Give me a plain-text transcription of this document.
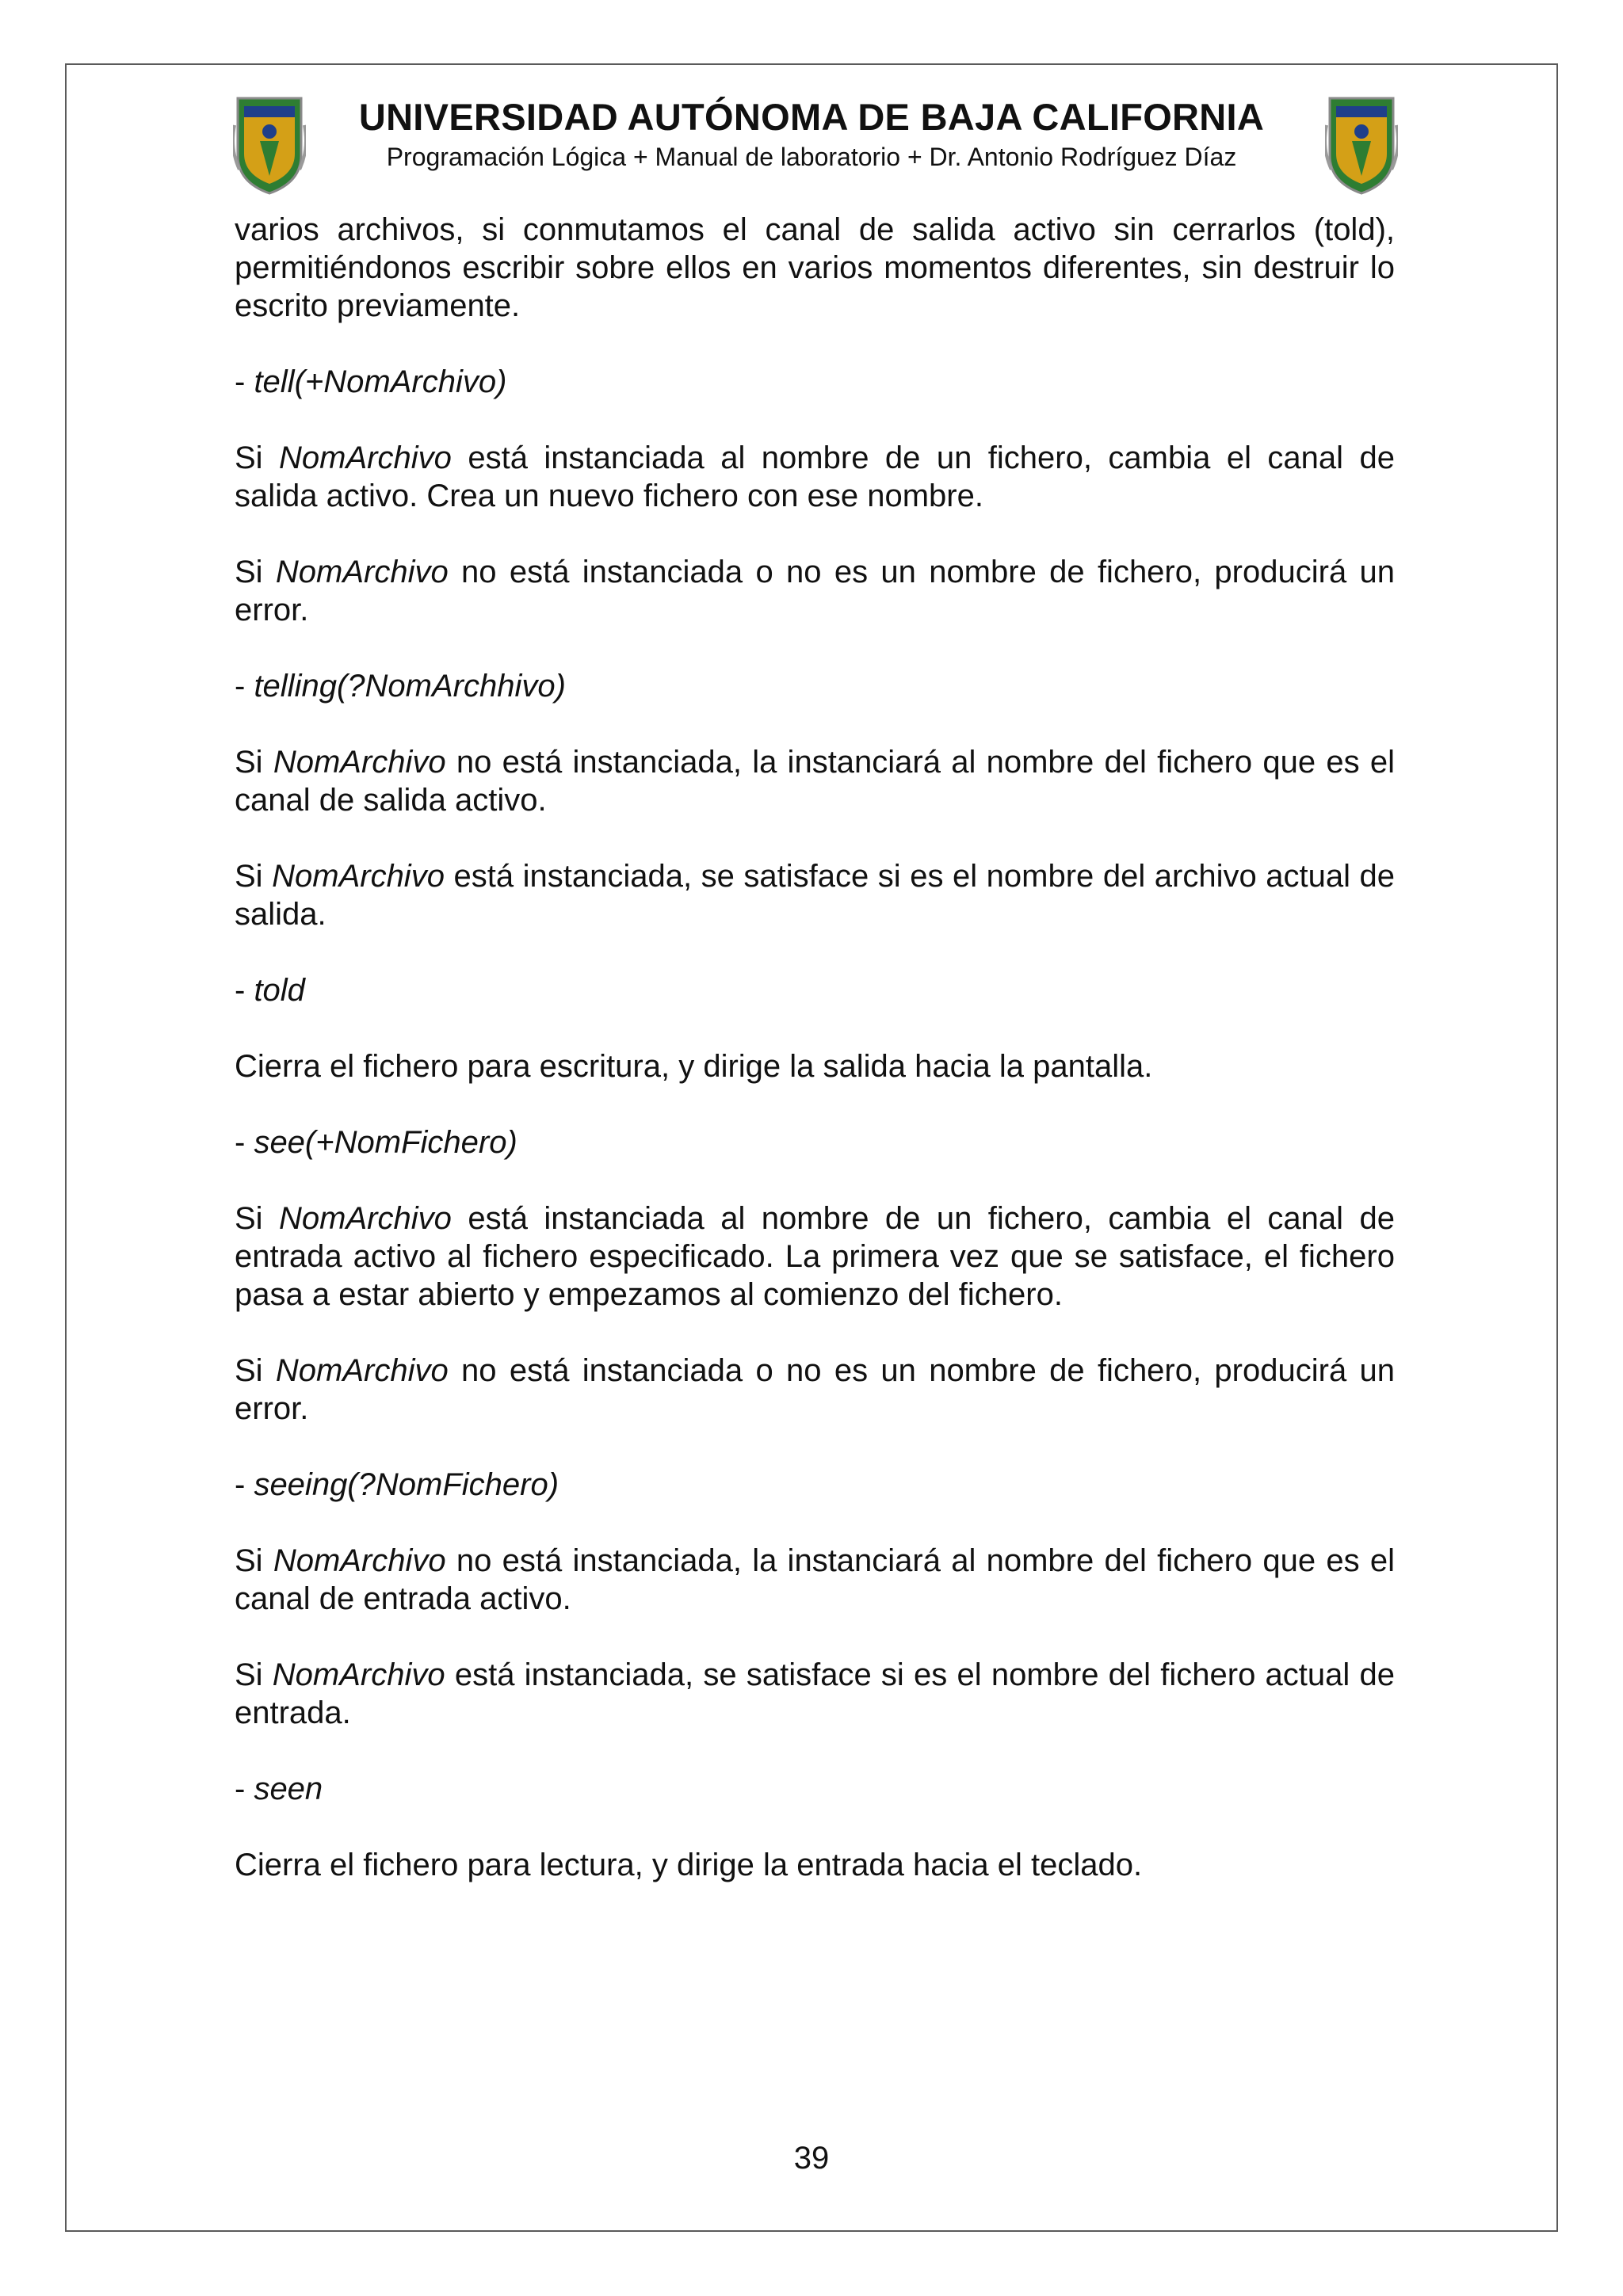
UNIVERSIDAD AUTÓNOMA DE BAJA CALIFORNIA
Programación Lógica + Manual de laboratorio + Dr. Antonio Rodríguez Díaz

varios archivos, si conmutamos el canal de salida activo sin cerrarlos (told), permitiéndonos escribir sobre ellos en varios momentos diferentes, sin destruir lo escrito previamente.

- tell(+NomArchivo)

Si NomArchivo está instanciada al nombre de un fichero, cambia el canal de salida activo. Crea un nuevo fichero con ese nombre.

Si NomArchivo no está instanciada o no es un nombre de fichero, producirá un error.

- telling(?NomArchhivo)

Si NomArchivo no está instanciada, la instanciará al nombre del fichero que es el canal de salida activo.

Si NomArchivo está instanciada, se satisface si es el nombre del archivo actual de salida.

- told

Cierra el fichero para escritura, y dirige la salida hacia la pantalla.

- see(+NomFichero)

Si NomArchivo está instanciada al nombre de un fichero, cambia el canal de entrada activo al fichero especificado. La primera vez que se satisface, el fichero pasa a estar abierto y empezamos al comienzo del fichero.

Si NomArchivo no está instanciada o no es un nombre de fichero, producirá un error.

- seeing(?NomFichero)

Si NomArchivo no está instanciada, la instanciará al nombre del fichero que es el canal de entrada activo.

Si NomArchivo está instanciada, se satisface si es el nombre del fichero actual de entrada.

- seen

Cierra el fichero para lectura, y dirige la entrada hacia el teclado.

39
